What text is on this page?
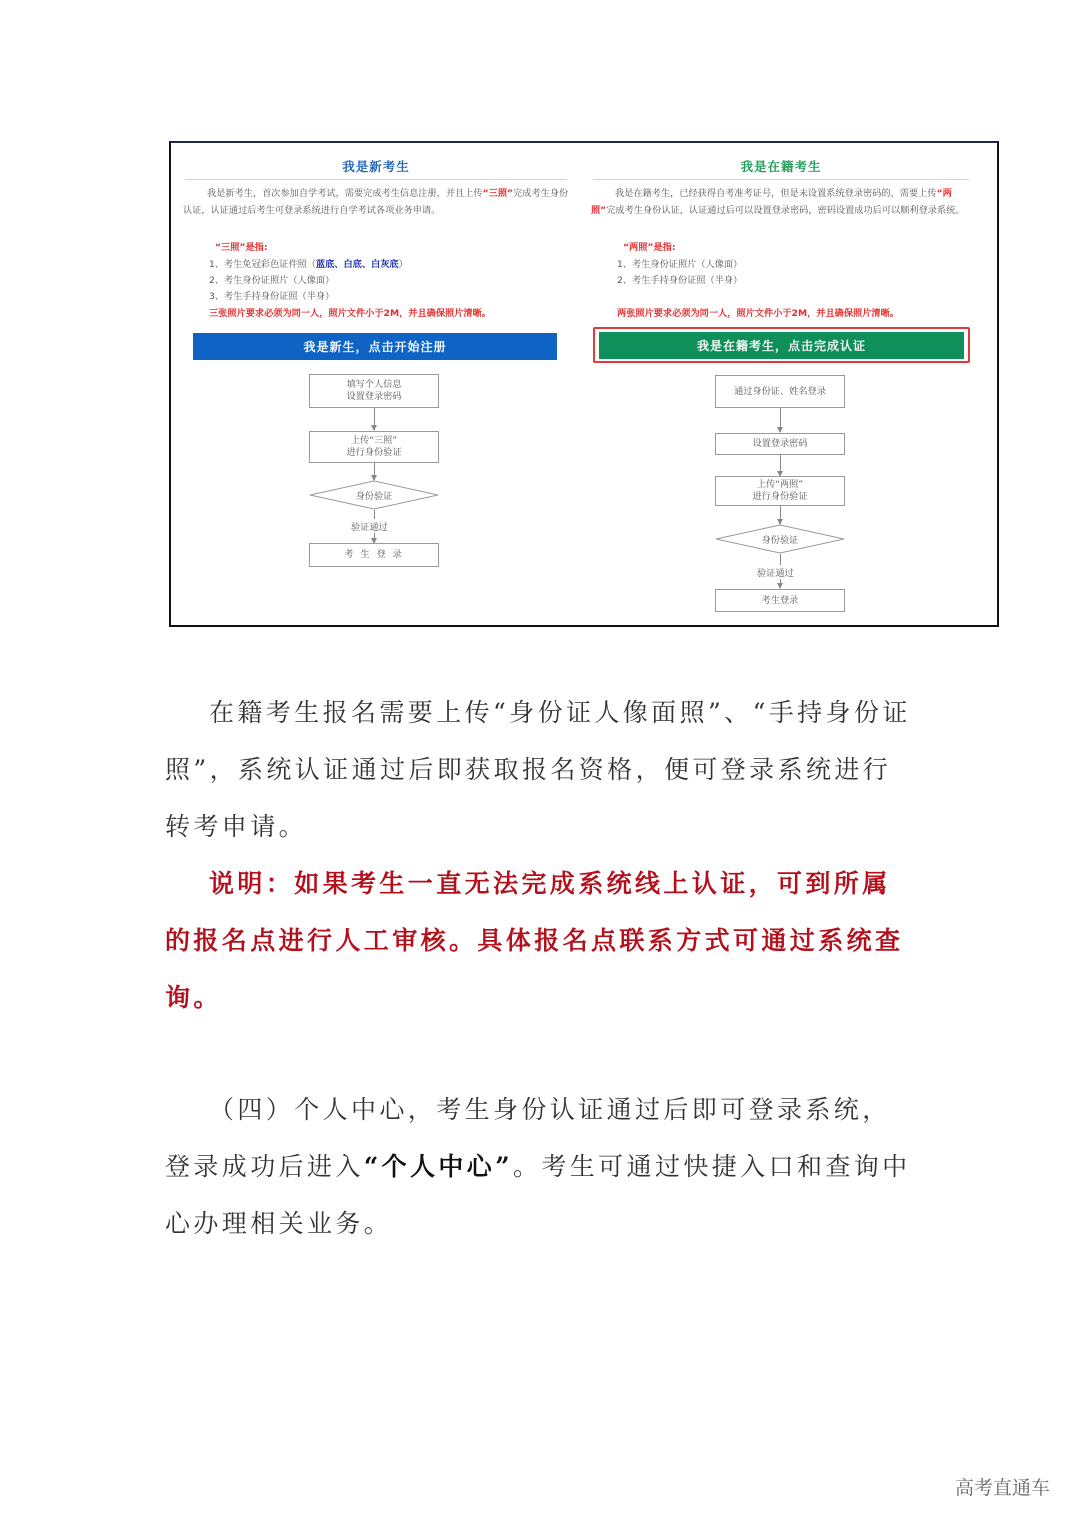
我是新考生
我是新考生，首次参加自学考试，需要完成考生信息注册，并且上传“三照”完成考生身份认证，认证通过后考生可登录系统进行自学考试各项业务申请。
“三照”是指:
1、考生免冠彩色证件照（蓝底、白底、白灰底）
2、考生身份证照片（人像面）
3、考生手持身份证照（半身）
三张照片要求必须为同一人，照片文件小于2M，并且确保照片清晰。
我是新生，点击开始注册
填写个人信息
设置登录密码
上传“三照”
进行身份验证
身份验证
验证通过
考 生 登 录
我是在籍考生
我是在籍考生，已经获得自考准考证号，但是未设置系统登录密码的，需要上传“两照”完成考生身份认证，认证通过后可以设置登录密码，密码设置成功后可以顺利登录系统。
“两照”是指:
1、考生身份证照片（人像面）
2、考生手持身份证照（半身）
两张照片要求必须为同一人，照片文件小于2M，并且确保照片清晰。
我是在籍考生，点击完成认证
通过身份证、姓名登录
设置登录密码
上传“两照”
进行身份验证
身份验证
验证通过
考生登录
在籍考生报名需要上传“身份证人像面照”、“手持身份证照”，系统认证通过后即获取报名资格，便可登录系统进行转考申请。
说明：如果考生一直无法完成系统线上认证，可到所属的报名点进行人工审核。具体报名点联系方式可通过系统查询。
（四）个人中心，考生身份认证通过后即可登录系统，登录成功后进入“个人中心”。考生可通过快捷入口和查询中心办理相关业务。
高考直通车
